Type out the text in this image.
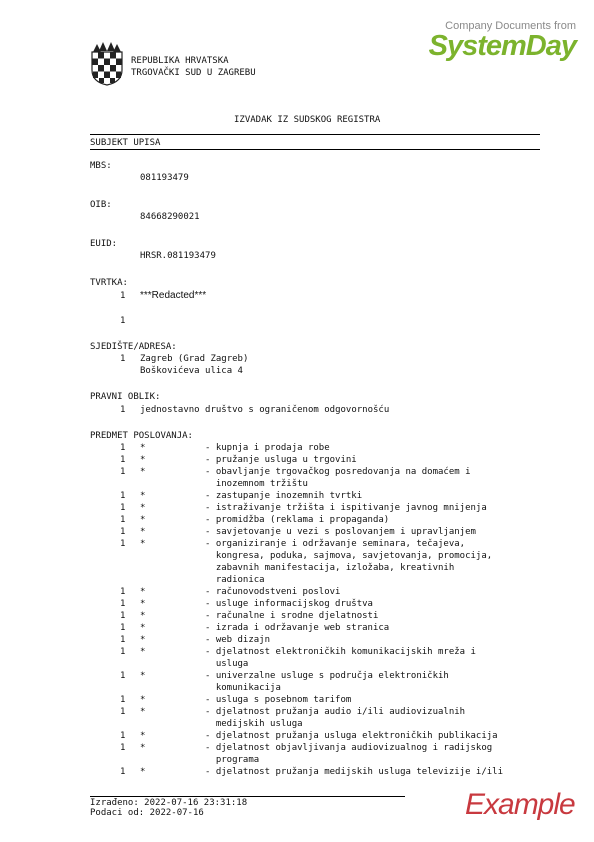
REPUBLIKA HRVATSKA
TRGOVAČKI SUD U ZAGREBU
Company Documents from
SystemDay
IZVADAK IZ SUDSKOG REGISTRA
SUBJEKT UPISA
MBS:
081193479
OIB:
84668290021
EUID:
HRSR.081193479
TVRTKA:
1 ***Redacted***
1
SJEDIŠTE/ADRESA:
1 Zagreb (Grad Zagreb)
Boškovićeva ulica 4
PRAVNI OBLIK:
1 jednostavno društvo s ograničenom odgovornošću
PREDMET POSLOVANJA:
1 *	- kupnja i prodaja robe
1 *	- pružanje usluga u trgovini
1 *	- obavljanje trgovačkog posredovanja na domaćem i
inozemnom tržištu
1 *	- zastupanje inozemnih tvrtki
1 *	- istraživanje tržišta i ispitivanje javnog mnijenja
1 *	- promidžba (reklama i propaganda)
1 *	- savjetovanje u vezi s poslovanjem i upravljanjem
1 *	- organiziranje i održavanje seminara, tečajeva,
kongresa, poduka, sajmova, savjetovanja, promocija,
zabavnih manifestacija, izložaba, kreativnih
radionica
1 *	- računovodstveni poslovi
1 *	- usluge informacijskog društva
1 *	- računalne i srodne djelatnosti
1 *	- izrada i održavanje web stranica
1 *	- web dizajn
1 *	- djelatnost elektroničkih komunikacijskih mreža i
usluga
1 *	- univerzalne usluge s područja elektroničkih
komunikacija
1 *	- usluga s posebnom tarifom
1 *	- djelatnost pružanja audio i/ili audiovizualnih
medijskih usluga
1 *	- djelatnost pružanja usluga elektroničkih publikacija
1 *	- djelatnost objavljivanja audiovizualnog i radijskog
programa
1 *	- djelatnost pružanja medijskih usluga televizije i/ili
Izrađeno: 2022-07-16 23:31:18
Podaci od: 2022-07-16	Example
